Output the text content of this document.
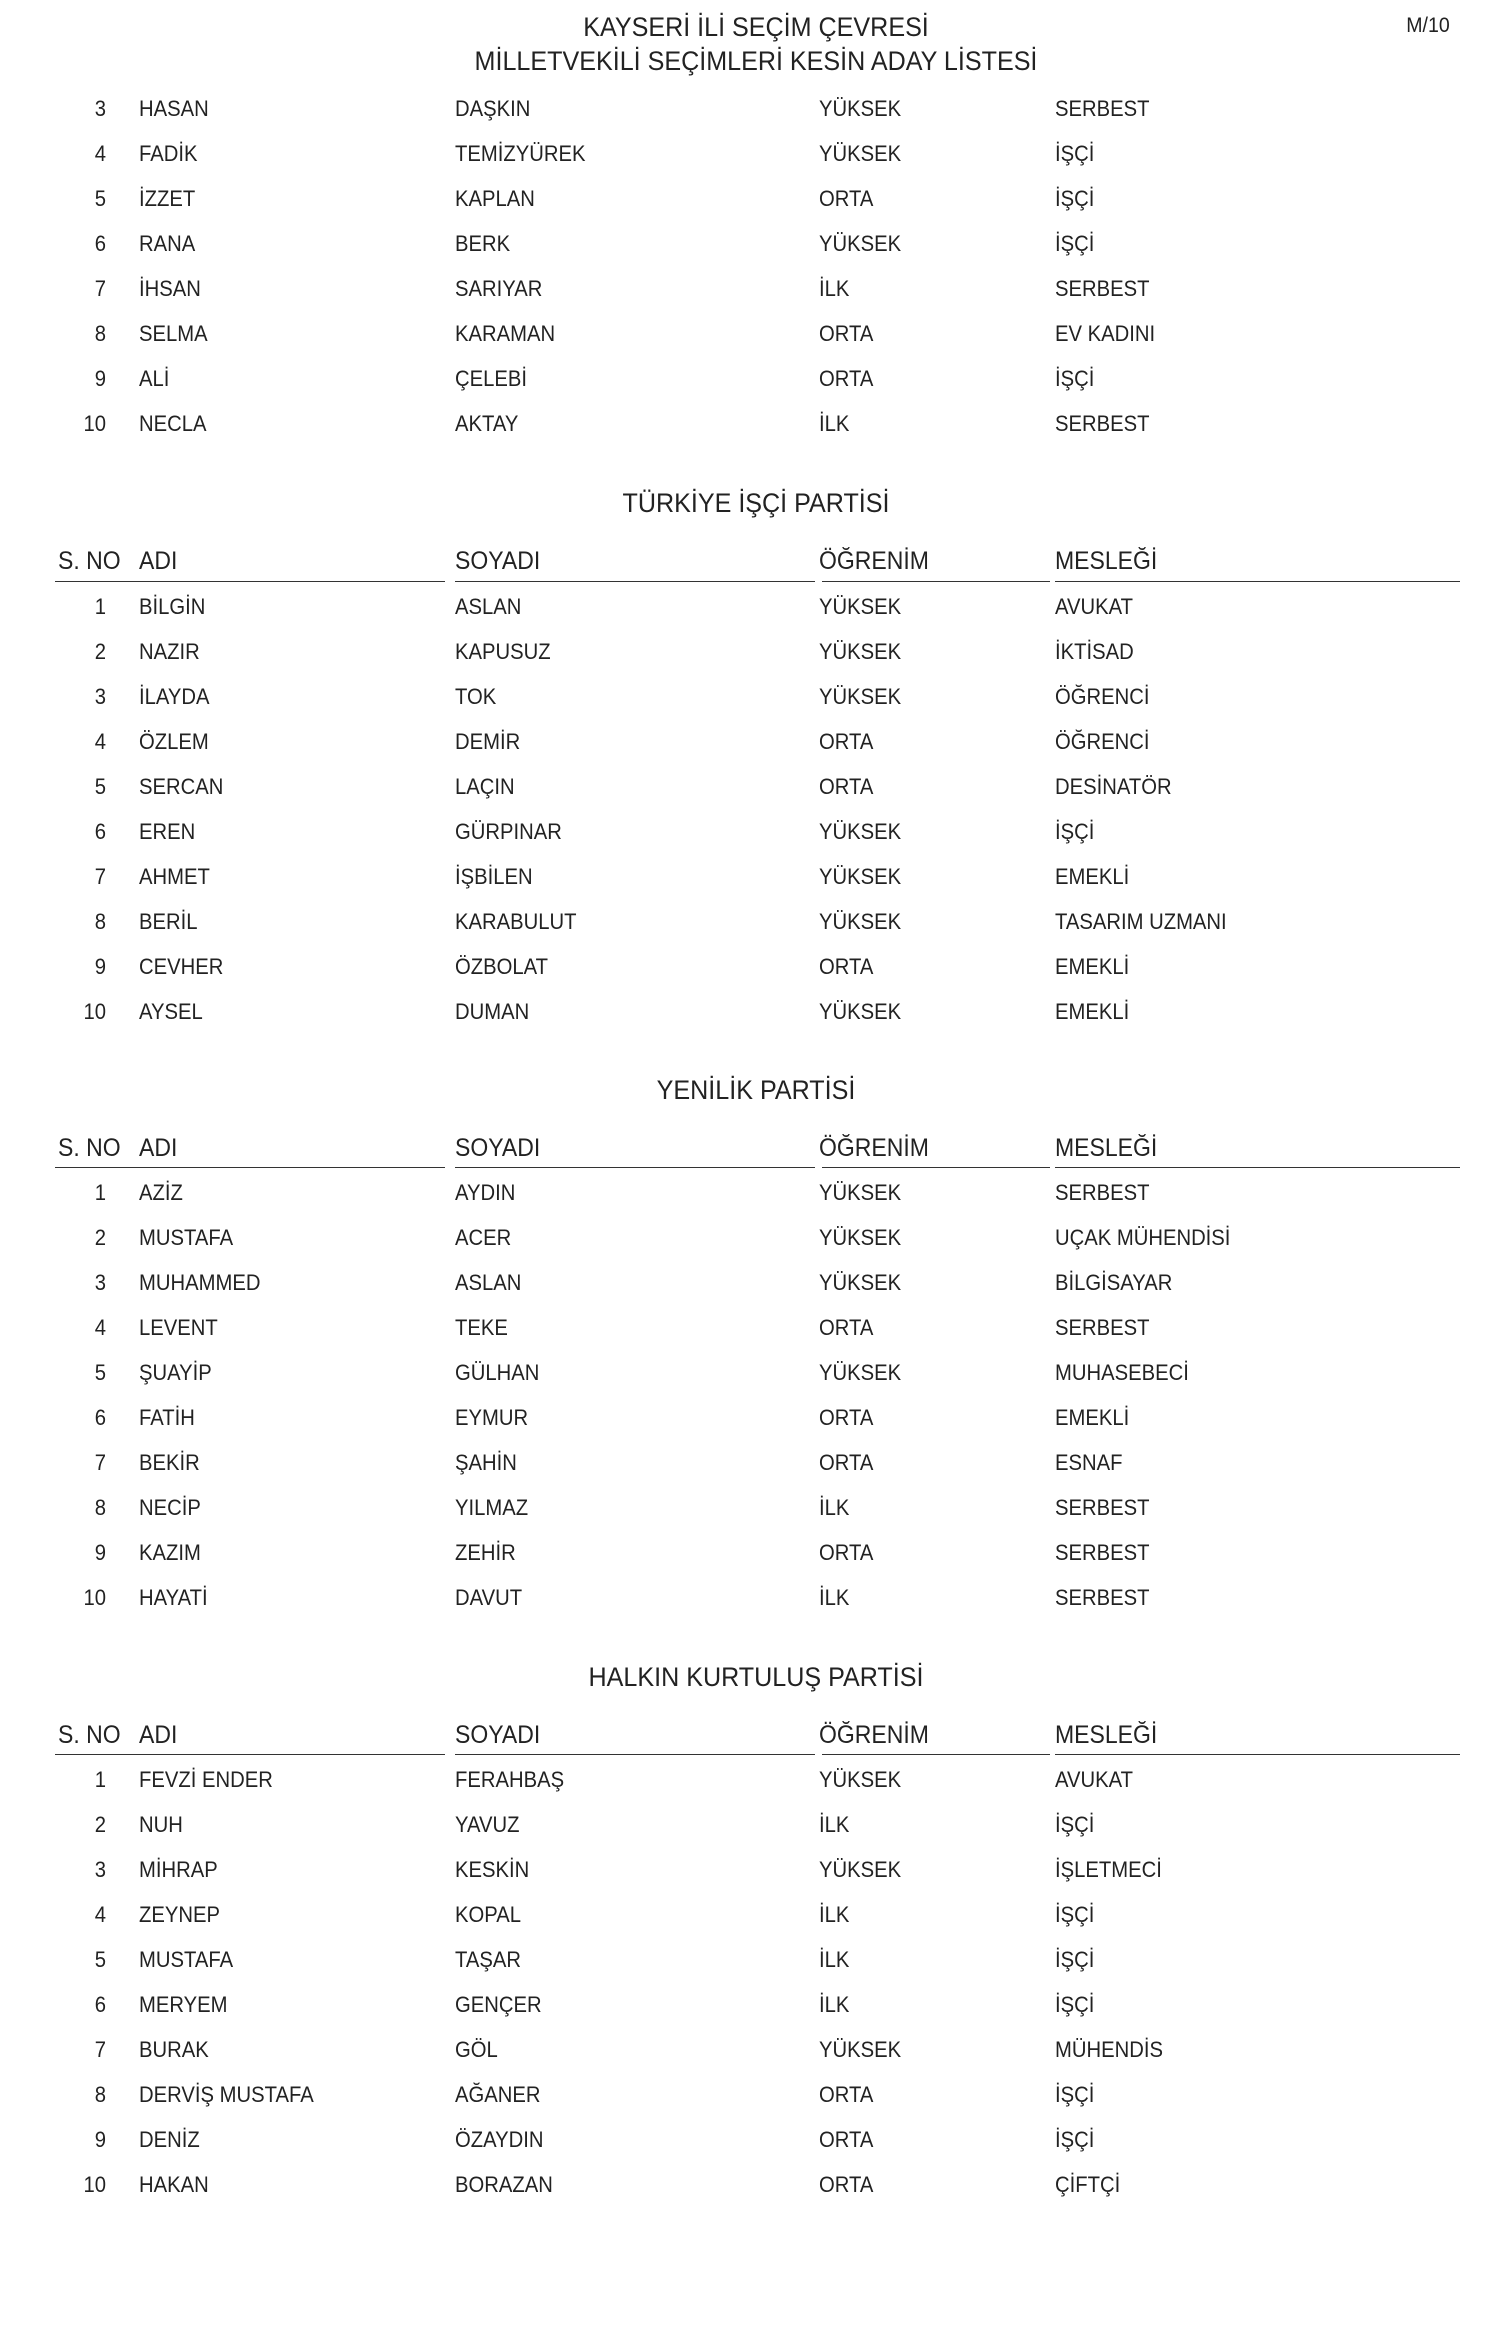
KAYSERİ İLİ SEÇİM ÇEVRESİ
MİLLETVEKİLİ SEÇİMLERİ KESİN ADAY LİSTESİ
M/10
3 HASAN	DAŞKIN	YÜKSEK	SERBEST
4 FADİK	TEMİZYÜREK	YÜKSEK	İŞÇİ
5 İZZET	KAPLAN	ORTA	İŞÇİ
6 RANA	BERK	YÜKSEK	İŞÇİ
7 İHSAN	SARIYAR	İLK	SERBEST
8 SELMA	KARAMAN	ORTA	EV KADINI
9 ALİ	ÇELEBİ	ORTA	İŞÇİ
10 NECLA	AKTAY	İLK	SERBEST
TÜRKİYE İŞÇİ PARTİSİ
S. NO ADI	SOYADI	ÖĞRENİM	MESLEĞİ
1 BİLGİN	ASLAN	YÜKSEK	AVUKAT
2 NAZIR	KAPUSUZ	YÜKSEK	İKTİSAD
3 İLAYDA	TOK	YÜKSEK	ÖĞRENCİ
4 ÖZLEM	DEMİR	ORTA	ÖĞRENCİ
5 SERCAN	LAÇIN	ORTA	DESİNATÖR
6 EREN	GÜRPINAR	YÜKSEK	İŞÇİ
7 AHMET	İŞBİLEN	YÜKSEK	EMEKLİ
8 BERİL	KARABULUT	YÜKSEK	TASARIM UZMANI
9 CEVHER	ÖZBOLAT	ORTA	EMEKLİ
10 AYSEL	DUMAN	YÜKSEK	EMEKLİ
YENİLİK PARTİSİ
S. NO ADI	SOYADI	ÖĞRENİM	MESLEĞİ
1 AZİZ	AYDIN	YÜKSEK	SERBEST
2 MUSTAFA	ACER	YÜKSEK	UÇAK MÜHENDİSİ
3 MUHAMMED	ASLAN	YÜKSEK	BİLGİSAYAR
4 LEVENT	TEKE	ORTA	SERBEST
5 ŞUAYİP	GÜLHAN	YÜKSEK	MUHASEBECİ
6 FATİH	EYMUR	ORTA	EMEKLİ
7 BEKİR	ŞAHİN	ORTA	ESNAF
8 NECİP	YILMAZ	İLK	SERBEST
9 KAZIM	ZEHİR	ORTA	SERBEST
10 HAYATİ	DAVUT	İLK	SERBEST
HALKIN KURTULUŞ PARTİSİ
S. NO ADI	SOYADI	ÖĞRENİM	MESLEĞİ
1 FEVZİ ENDER	FERAHBAŞ	YÜKSEK	AVUKAT
2 NUH	YAVUZ	İLK	İŞÇİ
3 MİHRAP	KESKİN	YÜKSEK	İŞLETMECİ
4 ZEYNEP	KOPAL	İLK	İŞÇİ
5 MUSTAFA	TAŞAR	İLK	İŞÇİ
6 MERYEM	GENÇER	İLK	İŞÇİ
7 BURAK	GÖL	YÜKSEK	MÜHENDİS
8 DERVİŞ MUSTAFA	AĞANER	ORTA	İŞÇİ
9 DENİZ	ÖZAYDIN	ORTA	İŞÇİ
10 HAKAN	BORAZAN	ORTA	ÇİFTÇİ
